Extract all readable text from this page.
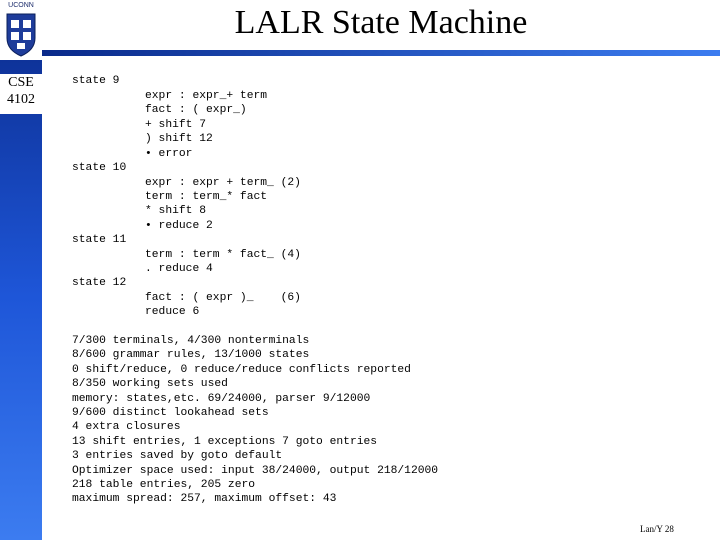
UCONN
CSE
4102
LALR State Machine
state 9
expr : expr_+ term
fact : ( expr_)
+ shift 7
) shift 12
• error
state 10
expr : expr + term_ (2)
term : term_* fact
* shift 8
• reduce 2
state 11
term : term * fact_ (4)
. reduce 4
state 12
fact : ( expr )_    (6)
reduce 6
7/300 terminals, 4/300 nonterminals
8/600 grammar rules, 13/1000 states
0 shift/reduce, 0 reduce/reduce conflicts reported
8/350 working sets used
memory: states,etc. 69/24000, parser 9/12000
9/600 distinct lookahead sets
4 extra closures
13 shift entries, 1 exceptions 7 goto entries
3 entries saved by goto default
Optimizer space used: input 38/24000, output 218/12000
218 table entries, 205 zero
maximum spread: 257, maximum offset: 43
Lan/Y 28
